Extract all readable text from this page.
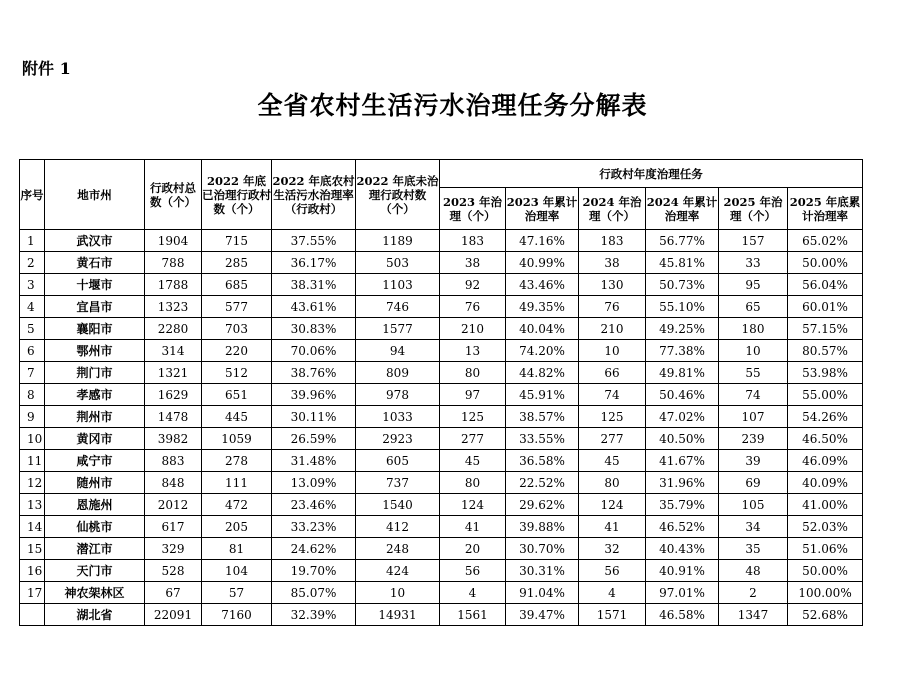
附件 1
全省农村生活污水治理任务分解表
序号	地市州	行政村总数（个）	2022 年底已治理行政村数（个）	2022 年底农村生活污水治理率（行政村）	2022 年底未治理行政村数（个）	行政村年度治理任务					
						2023 年治理（个）	2023 年累计治理率	2024 年治理（个）	2024 年累计治理率	2025 年治理（个）	2025 年底累计治理率
1	武汉市	1904	715	37.55%	1189	183	47.16%	183	56.77%	157	65.02%
2	黄石市	788	285	36.17%	503	38	40.99%	38	45.81%	33	50.00%
3	十堰市	1788	685	38.31%	1103	92	43.46%	130	50.73%	95	56.04%
4	宜昌市	1323	577	43.61%	746	76	49.35%	76	55.10%	65	60.01%
5	襄阳市	2280	703	30.83%	1577	210	40.04%	210	49.25%	180	57.15%
6	鄂州市	314	220	70.06%	94	13	74.20%	10	77.38%	10	80.57%
7	荆门市	1321	512	38.76%	809	80	44.82%	66	49.81%	55	53.98%
8	孝感市	1629	651	39.96%	978	97	45.91%	74	50.46%	74	55.00%
9	荆州市	1478	445	30.11%	1033	125	38.57%	125	47.02%	107	54.26%
10	黄冈市	3982	1059	26.59%	2923	277	33.55%	277	40.50%	239	46.50%
11	咸宁市	883	278	31.48%	605	45	36.58%	45	41.67%	39	46.09%
12	随州市	848	111	13.09%	737	80	22.52%	80	31.96%	69	40.09%
13	恩施州	2012	472	23.46%	1540	124	29.62%	124	35.79%	105	41.00%
14	仙桃市	617	205	33.23%	412	41	39.88%	41	46.52%	34	52.03%
15	潜江市	329	81	24.62%	248	20	30.70%	32	40.43%	35	51.06%
16	天门市	528	104	19.70%	424	56	30.31%	56	40.91%	48	50.00%
17	神农架林区	67	57	85.07%	10	4	91.04%	4	97.01%	2	100.00%
	湖北省	22091	7160	32.39%	14931	1561	39.47%	1571	46.58%	1347	52.68%
